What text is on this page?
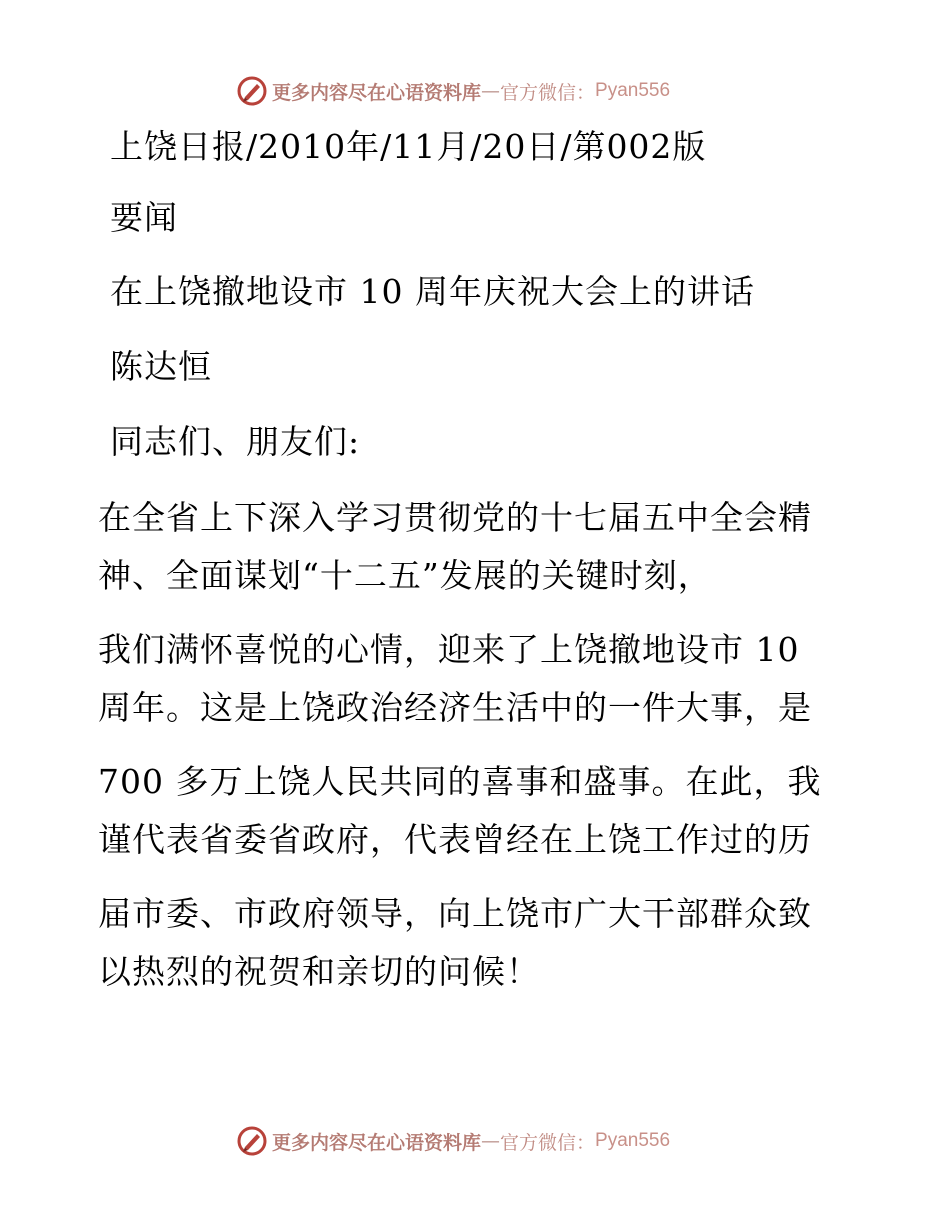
更多内容尽在心语资料库 — 官方微信： Pyan556
上饶日报/2010年/11月/20日/第002版
要闻
在上饶撤地设市 10 周年庆祝大会上的讲话
陈达恒
同志们、朋友们:
在全省上下深入学习贯彻党的十七届五中全会精
神、全面谋划“十二五”发展的关键时刻，
我们满怀喜悦的心情，迎来了上饶撤地设市 10
周年。这是上饶政治经济生活中的一件大事，是
700 多万上饶人民共同的喜事和盛事。在此，我
谨代表省委省政府，代表曾经在上饶工作过的历
届市委、市政府领导，向上饶市广大干部群众致
以热烈的祝贺和亲切的问候！
更多内容尽在心语资料库 — 官方微信： Pyan556
